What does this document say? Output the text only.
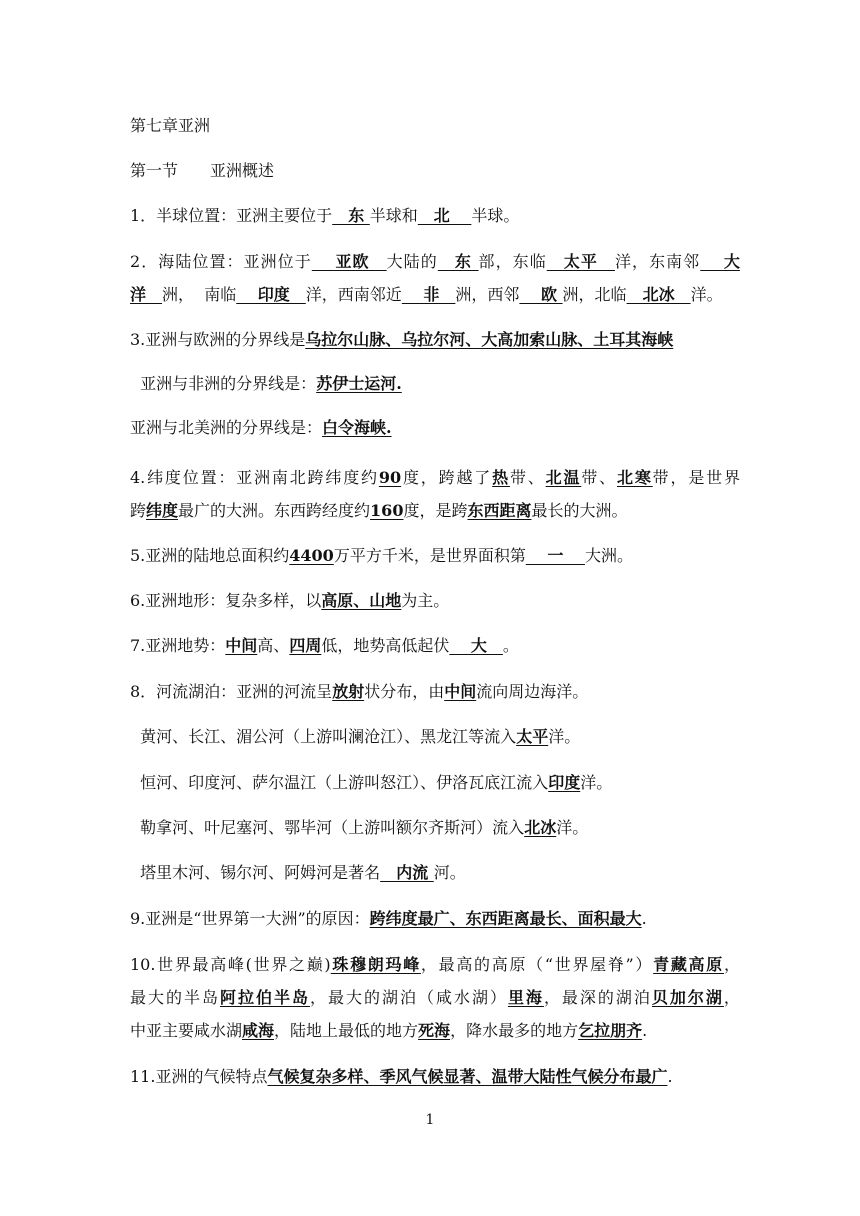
第七章亚洲
第一节　　亚洲概述
1．半球位置：亚洲主要位于　东 半球和　北　 半球。
2．海陆位置：亚洲位于　 亚欧　大陆的　东 部，东临　太平　洋，东南邻　 大
洋　洲，  南临　 印度　洋，西南邻近　 非　洲，西邻　 欧 洲，北临　北冰　洋。
3.亚洲与欧洲的分界线是乌拉尔山脉、乌拉尔河、大高加索山脉、土耳其海峡
亚洲与非洲的分界线是：苏伊士运河.
亚洲与北美洲的分界线是：白令海峡.
4.纬度位置：亚洲南北跨纬度约90度，跨越了热带、北温带、北寒带，是世界
跨纬度最广的大洲。东西跨经度约160度，是跨东西距离最长的大洲。
5.亚洲的陆地总面积约4400万平方千米，是世界面积第　 一　 大洲。
6.亚洲地形：复杂多样，以高原、山地为主。
7.亚洲地势：中间高、四周低，地势高低起伏　 大　。
8．河流湖泊：亚洲的河流呈放射状分布，由中间流向周边海洋。
黄河、长江、湄公河（上游叫澜沧江）、黑龙江等流入太平洋。
恒河、印度河、萨尔温江（上游叫怒江）、伊洛瓦底江流入印度洋。
勒拿河、叶尼塞河、鄂毕河（上游叫额尔齐斯河）流入北冰洋。
塔里木河、锡尔河、阿姆河是著名　内流 河。
9.亚洲是“世界第一大洲”的原因：跨纬度最广、东西距离最长、面积最大.
10.世界最高峰(世界之巅)珠穆朗玛峰，最高的高原（“世界屋脊”）青藏高原，
最大的半岛阿拉伯半岛，最大的湖泊（咸水湖）里海，最深的湖泊贝加尔湖，
中亚主要咸水湖咸海，陆地上最低的地方死海，降水最多的地方乞拉朋齐.
11.亚洲的气候特点气候复杂多样、季风气候显著、温带大陆性气候分布最广.
1
